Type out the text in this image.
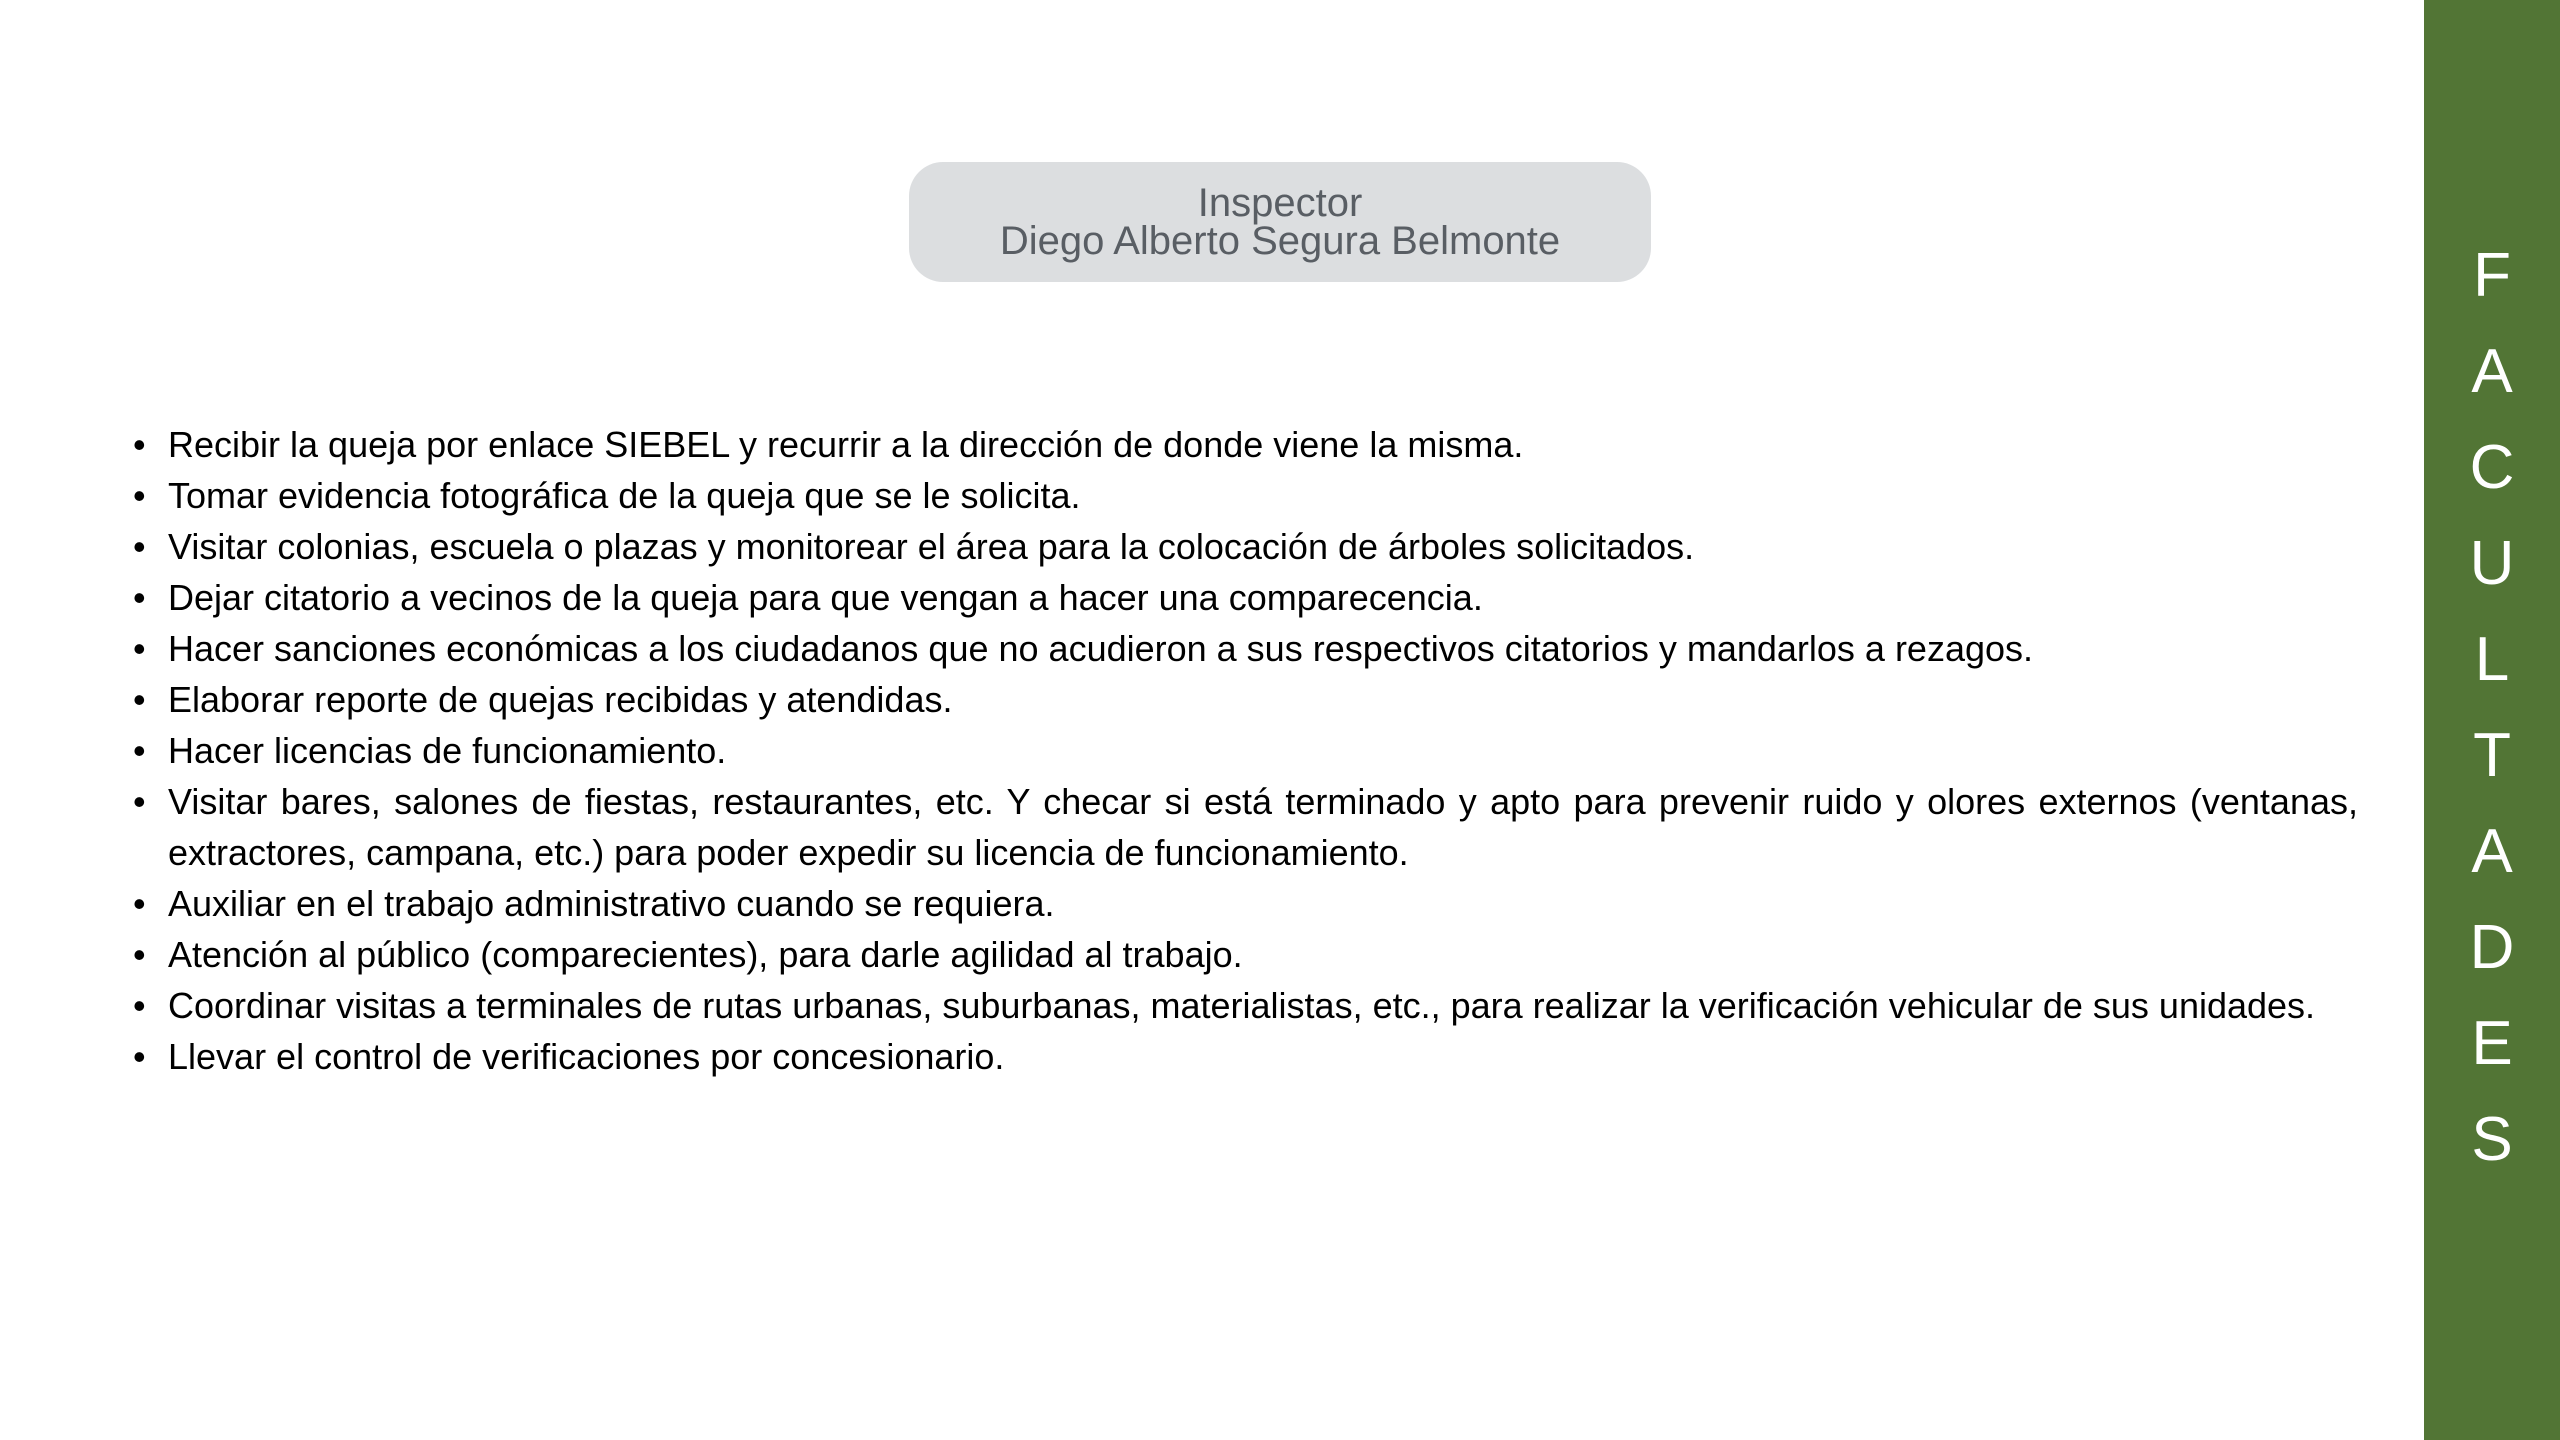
Inspector
Diego Alberto Segura Belmonte
• Recibir la queja por enlace SIEBEL y recurrir a la dirección de donde viene la misma.
• Tomar evidencia fotográfica de la queja que se le solicita.
• Visitar colonias, escuela o plazas y monitorear el área para la colocación de árboles solicitados.
• Dejar citatorio a vecinos de la queja para que vengan a hacer una comparecencia.
• Hacer sanciones económicas a los ciudadanos que no acudieron a sus respectivos citatorios y mandarlos a rezagos.
• Elaborar reporte de quejas recibidas y atendidas.
• Hacer licencias de funcionamiento.
• Visitar bares, salones de fiestas, restaurantes, etc. Y checar si está terminado y apto para prevenir ruido y olores externos (ventanas, extractores, campana, etc.) para poder expedir su licencia de funcionamiento.
• Auxiliar en el trabajo administrativo cuando se requiera.
• Atención al público (comparecientes), para darle agilidad al trabajo.
• Coordinar visitas a terminales de rutas urbanas, suburbanas, materialistas, etc., para realizar la verificación vehicular de sus unidades.
• Llevar el control de verificaciones por concesionario.
F
A
C
U
L
T
A
D
E
S
